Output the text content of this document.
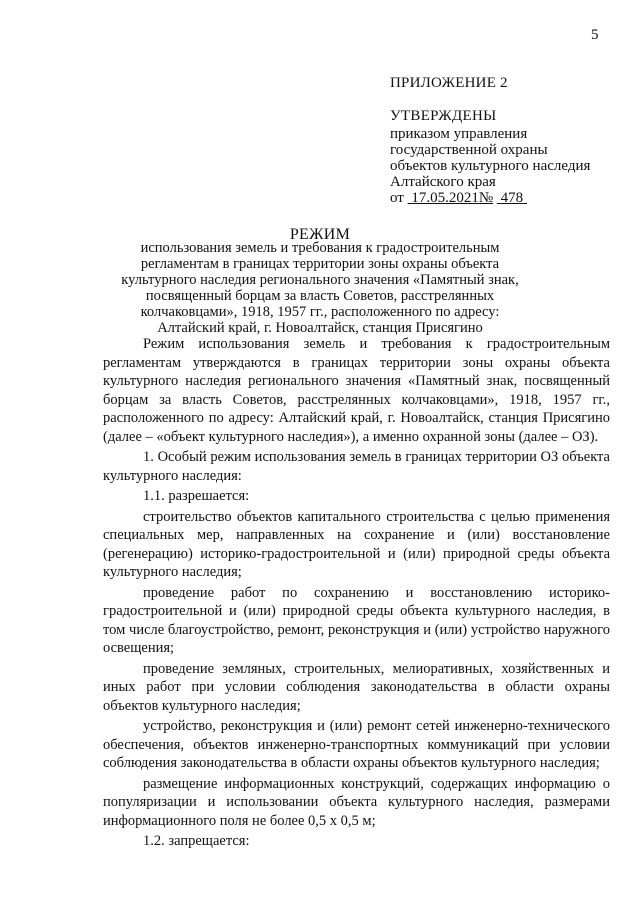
5
ПРИЛОЖЕНИЕ 2
УТВЕРЖДЕНЫ
приказом управления
государственной охраны
объектов культурного наследия
Алтайского края
от 17.05.2021№ 478
РЕЖИМ
использования земель и требования к градостроительным регламентам в границах территории зоны охраны объекта культурного наследия регионального значения «Памятный знак, посвященный борцам за власть Советов, расстрелянных колчаковцами», 1918, 1957 гг., расположенного по адресу: Алтайский край, г. Новоалтайск, станция Присягино

Режим использования земель и требования к градостроительным регламентам утверждаются в границах территории зоны охраны объекта культурного наследия регионального значения «Памятный знак, посвященный борцам за власть Советов, расстрелянных колчаковцами», 1918, 1957 гг., расположенного по адресу: Алтайский край, г. Новоалтайск, станция Присягино (далее – «объект культурного наследия»), а именно охранной зоны (далее – ОЗ).

1. Особый режим использования земель в границах территории ОЗ объекта культурного наследия:

1.1. разрешается:

строительство объектов капитального строительства с целью применения специальных мер, направленных на сохранение и (или) восстановление (регенерацию) историко-градостроительной и (или) природной среды объекта культурного наследия;

проведение работ по сохранению и восстановлению историко-градостроительной и (или) природной среды объекта культурного наследия, в том числе благоустройство, ремонт, реконструкция и (или) устройство наружного освещения;

проведение земляных, строительных, мелиоративных, хозяйственных и иных работ при условии соблюдения законодательства в области охраны объектов культурного наследия;

устройство, реконструкция и (или) ремонт сетей инженерно-технического обеспечения, объектов инженерно-транспортных коммуникаций при условии соблюдения законодательства в области охраны объектов культурного наследия;

размещение информационных конструкций, содержащих информацию о популяризации и использовании объекта культурного наследия, размерами информационного поля не более 0,5 х 0,5 м;

1.2. запрещается:
